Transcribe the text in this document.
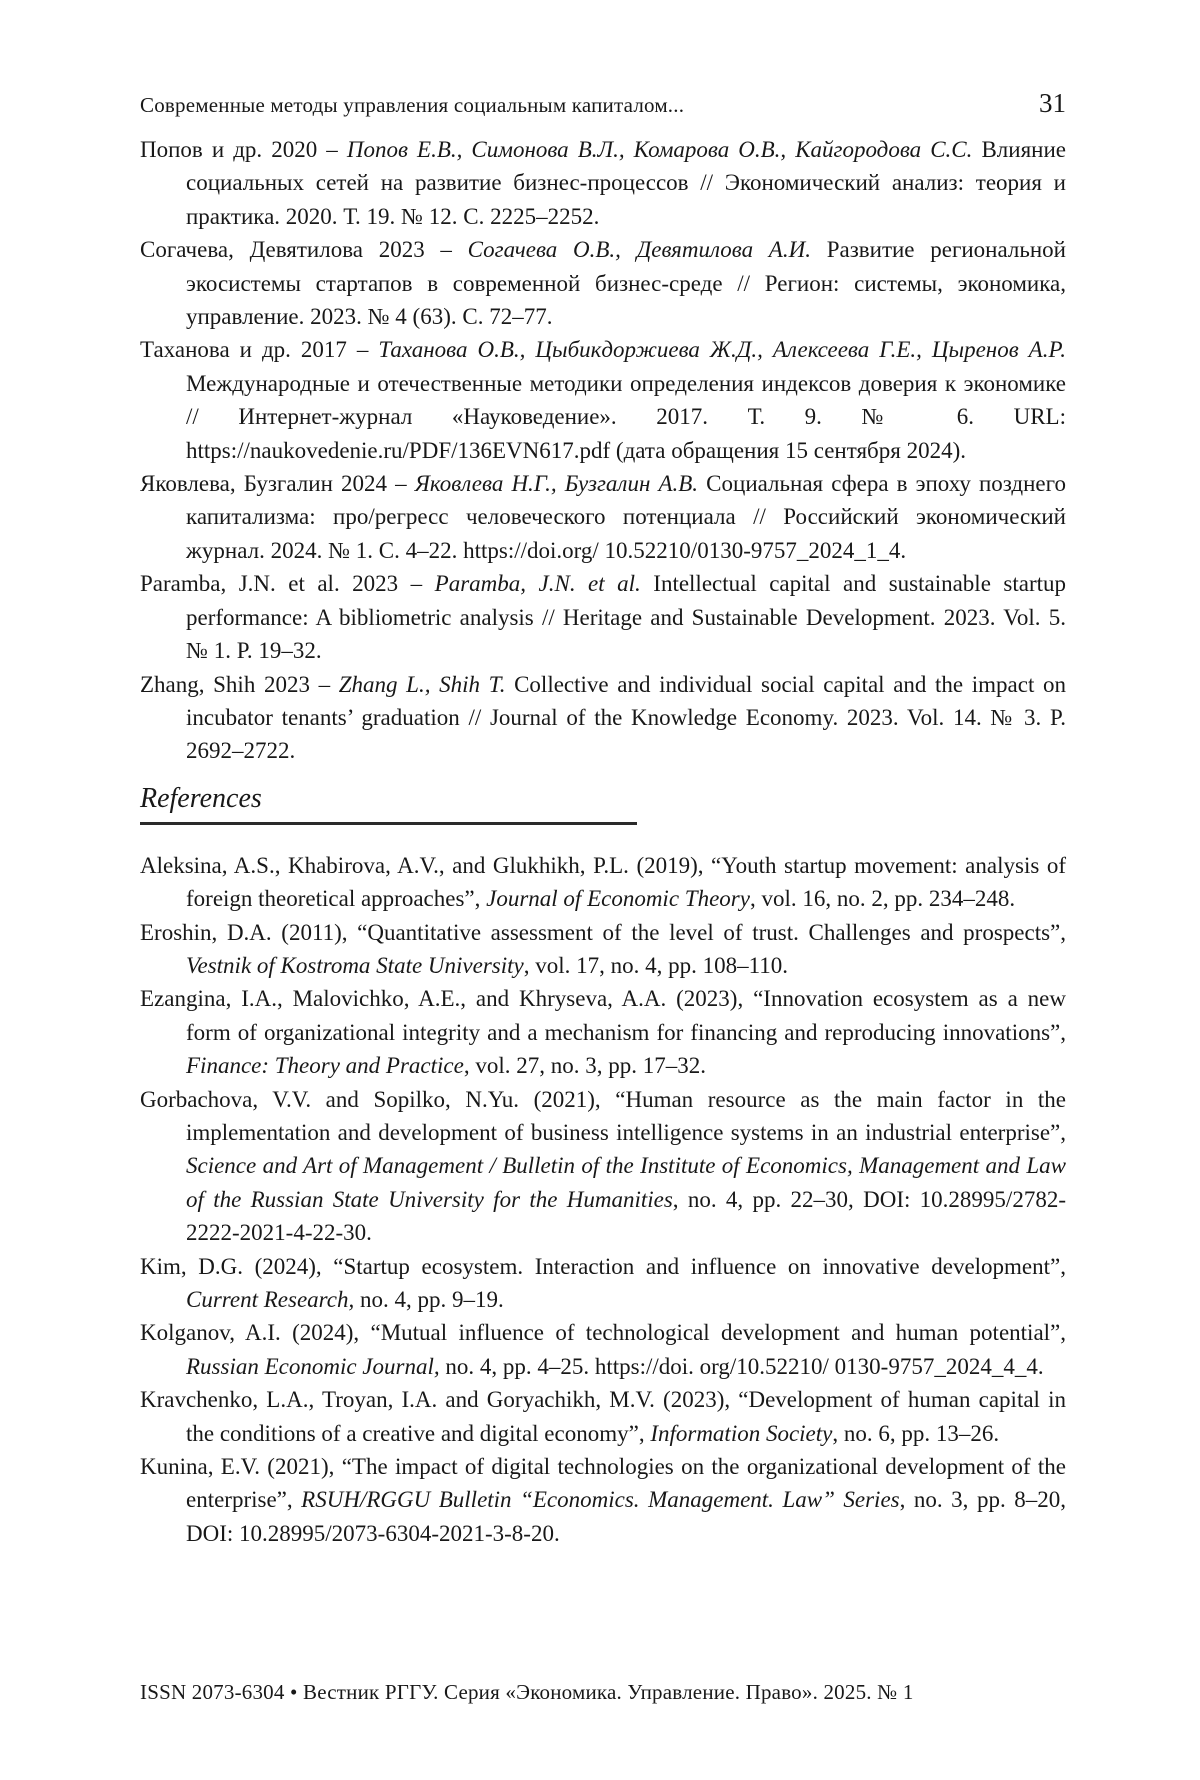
Современные методы управления социальным капиталом...	31

Попов и др. 2020 – Попов Е.В., Симонова В.Л., Комарова О.В., Кайгородова С.С. Влияние социальных сетей на развитие бизнес-процессов // Экономический анализ: теория и практика. 2020. Т. 19. № 12. С. 2225–2252.

Согачева, Девятилова 2023 – Согачева О.В., Девятилова А.И. Развитие региональной экосистемы стартапов в современной бизнес-среде // Регион: системы, экономика, управление. 2023. № 4 (63). С. 72–77.

Таханова и др. 2017 – Таханова О.В., Цыбикдоржиева Ж.Д., Алексеева Г.Е., Цыренов А.Р. Международные и отечественные методики определения индексов доверия к экономике // Интернет-журнал «Науковедение». 2017. Т. 9. № 6. URL: https://naukovedenie.ru/PDF/136EVN617.pdf (дата обращения 15 сентября 2024).

Яковлева, Бузгалин 2024 – Яковлева Н.Г., Бузгалин А.В. Социальная сфера в эпоху позднего капитализма: про/регресс человеческого потенциала // Российский экономический журнал. 2024. № 1. С. 4–22. https://doi.org/ 10.52210/0130-9757_2024_1_4.

Paramba, J.N. et al. 2023 – Paramba, J.N. et al. Intellectual capital and sustainable startup performance: A bibliometric analysis // Heritage and Sustainable Development. 2023. Vol. 5. № 1. P. 19–32.

Zhang, Shih 2023 – Zhang L., Shih T. Collective and individual social capital and the impact on incubator tenants’ graduation // Journal of the Knowledge Economy. 2023. Vol. 14. № 3. P. 2692–2722.

References

Aleksina, A.S., Khabirova, A.V., and Glukhikh, P.L. (2019), “Youth startup movement: analysis of foreign theoretical approaches”, Journal of Economic Theory, vol. 16, no. 2, pp. 234–248.

Eroshin, D.A. (2011), “Quantitative assessment of the level of trust. Challenges and prospects”, Vestnik of Kostroma State University, vol. 17, no. 4, pp. 108–110.

Ezangina, I.A., Malovichko, A.E., and Khryseva, A.A. (2023), “Innovation ecosystem as a new form of organizational integrity and a mechanism for financing and reproducing innovations”, Finance: Theory and Practice, vol. 27, no. 3, pp. 17–32.

Gorbachova, V.V. and Sopilko, N.Yu. (2021), “Human resource as the main factor in the implementation and development of business intelligence systems in an industrial enterprise”, Science and Art of Management / Bulletin of the Institute of Economics, Management and Law of the Russian State University for the Humanities, no. 4, pp. 22–30, DOI: 10.28995/2782-2222-2021-4-22-30.

Kim, D.G. (2024), “Startup ecosystem. Interaction and influence on innovative development”, Current Research, no. 4, pp. 9–19.

Kolganov, A.I. (2024), “Mutual influence of technological development and human potential”, Russian Economic Journal, no. 4, pp. 4–25. https://doi. org/10.52210/ 0130-9757_2024_4_4.

Kravchenko, L.A., Troyan, I.A. and Goryachikh, M.V. (2023), “Development of human capital in the conditions of a creative and digital economy”, Information Society, no. 6, pp. 13–26.

Kunina, E.V. (2021), “The impact of digital technologies on the organizational development of the enterprise”, RSUH/RGGU Bulletin “Economics. Management. Law” Series, no. 3, pp. 8–20, DOI: 10.28995/2073-6304-2021-3-8-20.

ISSN 2073-6304 • Вестник РГГУ. Серия «Экономика. Управление. Право». 2025. № 1
